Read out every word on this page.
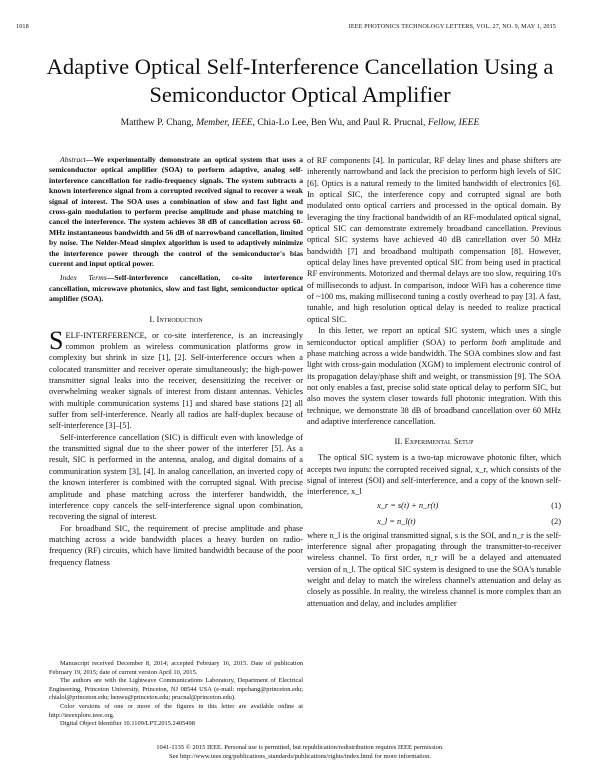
1018	IEEE PHOTONICS TECHNOLOGY LETTERS, VOL. 27, NO. 9, MAY 1, 2015
Adaptive Optical Self-Interference Cancellation Using a Semiconductor Optical Amplifier
Matthew P. Chang, Member, IEEE, Chia-Lo Lee, Ben Wu, and Paul R. Prucnal, Fellow, IEEE

Abstract—We experimentally demonstrate an optical system that uses a semiconductor optical amplifier (SOA) to perform adaptive, analog self-interference cancellation for radio-frequency signals. The system subtracts a known interference signal from a corrupted received signal to recover a weak signal of interest. The SOA uses a combination of slow and fast light and cross-gain modulation to perform precise amplitude and phase matching to cancel the interference. The system achieves 38 dB of cancellation across 60-MHz instantaneous bandwidth and 56 dB of narrowband cancellation, limited by noise. The Nelder-Mead simplex algorithm is used to adaptively minimize the interference power through the control of the semiconductor's bias current and input optical power.

Index Terms—Self-interference cancellation, co-site interference cancellation, microwave photonics, slow and fast light, semiconductor optical amplifier (SOA).

I. Introduction

SELF-INTERFERENCE, or co-site interference, is an increasingly common problem as wireless communication platforms grow in complexity but shrink in size [1], [2]. Self-interference occurs when a colocated transmitter and receiver operate simultaneously; the high-power transmitter signal leaks into the receiver, desensitizing the receiver or overwhelming weaker signals of interest from distant antennas. Vehicles with multiple communication systems [1] and shared base stations [2] all suffer from self-interference. Nearly all radios are half-duplex because of self-interference [3]–[5].

Self-interference cancellation (SIC) is difficult even with knowledge of the transmitted signal due to the sheer power of the interferer [5]. As a result, SIC is performed in the antenna, analog, and digital domains of a communication system [3], [4]. In analog cancellation, an inverted copy of the known interferer is combined with the corrupted signal. With precise amplitude and phase matching across the interferer bandwidth, the interference copy cancels the self-interference signal upon combination, recovering the signal of interest.

For broadband SIC, the requirement of precise amplitude and phase matching across a wide bandwidth places a heavy burden on radio-frequency (RF) circuits, which have limited bandwidth because of the poor frequency flatness

of RF components [4]. In particular, RF delay lines and phase shifters are inherently narrowband and lack the precision to perform high levels of SIC [6]. Optics is a natural remedy to the limited bandwidth of electronics [6]. In optical SIC, the interference copy and corrupted signal are both modulated onto optical carriers and processed in the optical domain. By leveraging the tiny fractional bandwidth of an RF-modulated optical signal, optical SIC can demonstrate extremely broadband cancellation. Previous optical SIC systems have achieved 40 dB cancellation over 50 MHz bandwidth [7] and broadband multipath compensation [8]. However, optical delay lines have prevented optical SIC from being used in practical RF environments. Motorized and thermal delays are too slow, requiring 10's of milliseconds to adjust. In comparison, indoor WiFi has a coherence time of ~100 ms, making millisecond tuning a costly overhead to pay [3]. A fast, tunable, and high resolution optical delay is needed to realize practical optical SIC.

In this letter, we report an optical SIC system, which uses a single semiconductor optical amplifier (SOA) to perform both amplitude and phase matching across a wide bandwidth. The SOA combines slow and fast light with cross-gain modulation (XGM) to implement electronic control of its propagation delay/phase shift and weight, or transmission [9]. The SOA not only enables a fast, precise solid state optical delay to perform SIC, but also moves the system closer towards full photonic integration. With this technique, we demonstrate 38 dB of broadband cancellation over 60 MHz and adaptive interference cancellation.

II. Experimental Setup

The optical SIC system is a two-tap microwave photonic filter, which accepts two inputs: the corrupted received signal, x_r, which consists of the signal of interest (SOI) and self-interference, and a copy of the known self-interference, x_l

x_r = s(t) + n_r(t)	(1)
x_l = n_l(t)	(2)

where n_l is the original transmitted signal, s is the SOI, and n_r is the self-interference signal after propagating through the transmitter-to-receiver wireless channel. To first order, n_r will be a delayed and attenuated version of n_l. The optical SIC system is designed to use the SOA's tunable weight and delay to match the wireless channel's attenuation and delay as closely as possible. In reality, the wireless channel is more complex than an attenuation and delay, and includes amplifier

Manuscript received December 8, 2014; accepted February 16, 2015. Date of publication February 19, 2015; date of current version April 10, 2015.

The authors are with the Lightwave Communications Laboratory, Department of Electrical Engineering, Princeton University, Princeton, NJ 08544 USA (e-mail: mpchang@princeton.edu; chialol@princeton.edu; benwu@princeton.edu; prucnal@princeton.edu).

Color versions of one or more of the figures in this letter are available online at http://ieeexplore.ieee.org.

Digital Object Identifier 10.1109/LPT.2015.2405498

1041-1135 © 2015 IEEE. Personal use is permitted, but republication/redistribution requires IEEE permission.
See http://www.ieee.org/publications_standards/publications/rights/index.html for more information.
